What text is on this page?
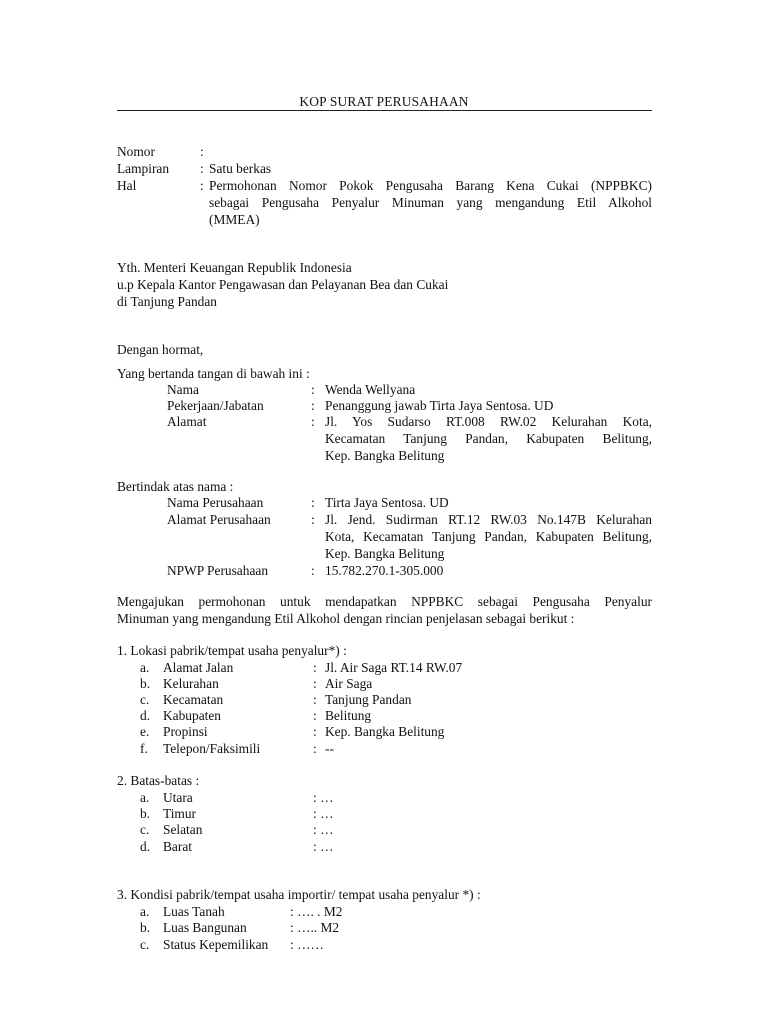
KOP SURAT PERUSAHAAN
Nomor	:
Lampiran : Satu berkas
Hal	: Permohonan Nomor Pokok Pengusaha Barang Kena Cukai (NPPBKC)
sebagai Pengusaha Penyalur Minuman yang mengandung Etil Alkohol
(MMEA)
Yth. Menteri Keuangan Republik Indonesia
u.p Kepala Kantor Pengawasan dan Pelayanan Bea dan Cukai
di Tanjung Pandan
Dengan hormat,
Yang bertanda tangan di bawah ini :
Nama	: Wenda Wellyana
Pekerjaan/Jabatan	: Penanggung jawab Tirta Jaya Sentosa. UD
Alamat	: Jl. Yos Sudarso RT.008 RW.02 Kelurahan Kota,
Kecamatan Tanjung Pandan, Kabupaten Belitung,
Kep. Bangka Belitung
Bertindak atas nama :
Nama Perusahaan	: Tirta Jaya Sentosa. UD
Alamat Perusahaan	: Jl. Jend. Sudirman RT.12 RW.03 No.147B Kelurahan
Kota, Kecamatan Tanjung Pandan, Kabupaten Belitung,
Kep. Bangka Belitung
NPWP Perusahaan	: 15.782.270.1-305.000
Mengajukan permohonan untuk mendapatkan NPPBKC sebagai Pengusaha Penyalur
Minuman yang mengandung Etil Alkohol dengan rincian penjelasan sebagai berikut :
1. Lokasi pabrik/tempat usaha penyalur*) :
a. Alamat Jalan	: Jl. Air Saga RT.14 RW.07
b. Kelurahan	: Air Saga
c. Kecamatan	: Tanjung Pandan
d. Kabupaten	: Belitung
e. Propinsi	: Kep. Bangka Belitung
f. Telepon/Faksimili	: --
2. Batas-batas :
a. Utara	: …
b. Timur	: …
c. Selatan	: …
d. Barat	: …
3. Kondisi pabrik/tempat usaha importir/ tempat usaha penyalur *) :
a. Luas Tanah	: …. . M2
b. Luas Bangunan	: ….. M2
c. Status Kepemilikan : ……
